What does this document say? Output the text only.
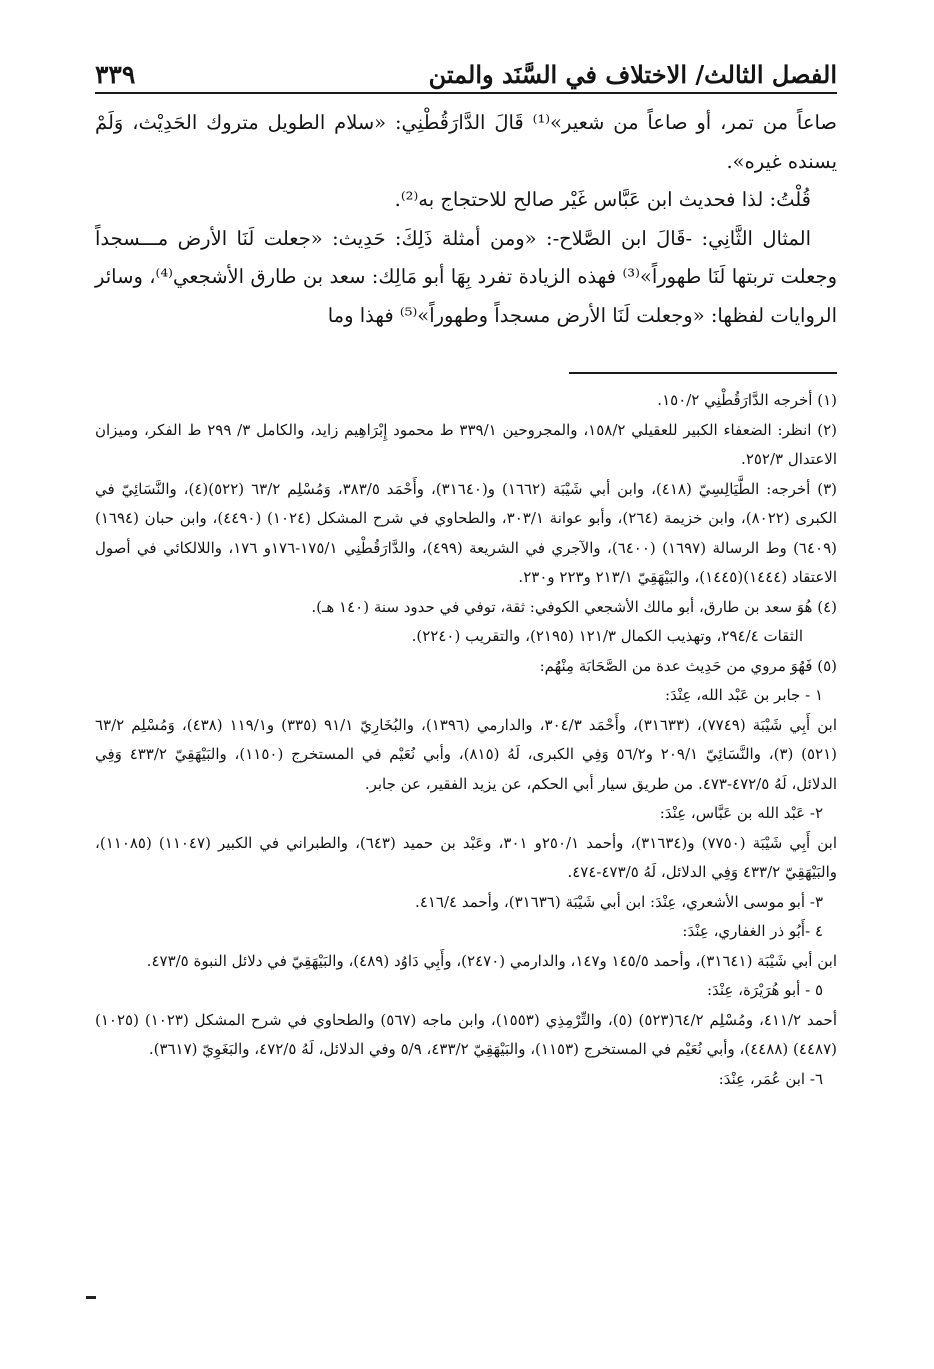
الفصل الثالث/ الاختلاف في السَّنَد والمتن
٣٣٩

صاعاً من تمر، أو صاعاً من شعير»⁽¹⁾ قَالَ الدَّارَقُطْنِي: «سلام الطويل متروك الحَدِيْث، وَلَمْ يسنده غيره».

قُلْتُ: لذا فحديث ابن عَبَّاس غَيْر صالح للاحتجاج به⁽²⁾.

المثال الثَّانِي: -قَالَ ابن الصَّلاح-: «ومن أمثلة ذَلِكَ: حَدِيث: «جعلت لَنَا الأرض مـــسجداً وجعلت تربتها لَنَا طهوراً»⁽³⁾ فهذه الزيادة تفرد بِهَا أبو مَالِك: سعد بن طارق الأشجعي⁽⁴⁾، وسائر الروايات لفظها: «وجعلت لَنَا الأرض مسجداً وطهوراً»⁽⁵⁾ فهذا وما

(١) أخرجه الدَّارَقُطْنِي ١٥٠/٢.

(٢) انظر: الضعفاء الكبير للعقيلي ١٥٨/٢، والمجروحين ٣٣٩/١ ط محمود إِبْرَاهِيم زايد، والكامل ٣/ ٢٩٩ ط الفكر، وميزان الاعتدال ٢٥٢/٣.

(٣) أخرجه: الطَّيَالِسِيّ (٤١٨)، وابن أبي شَيْبَة (١٦٦٢) و(٣١٦٤٠)، وأَحْمَد ٣٨٣/٥، وَمُسْلِم ٦٣/٢ (٥٢٢)(٤)، والنَّسَائِيّ في الكبرى (٨٠٢٢)، وابن خزيمة (٢٦٤)، وأبو عوانة ٣٠٣/١، والطحاوي في شرح المشكل (١٠٢٤) (٤٤٩٠)، وابن حبان (١٦٩٤) (٦٤٠٩) وط الرسالة (١٦٩٧) (٦٤٠٠)، والآجري في الشريعة (٤٩٩)، والدَّارَقُطْنِي ١٧٥/١-١٧٦و ١٧٦، واللالكائي في أصول الاعتقاد (١٤٤٤)(١٤٤٥)، والبَيْهَقِيّ ٢١٣/١ و٢٢٣ و٢٣٠.

(٤) هُوَ سعد بن طارق، أبو مالك الأشجعي الكوفي: ثقة، توفي في حدود سنة (١٤٠ هـ).

الثقات ٢٩٤/٤، وتهذيب الكمال ١٢١/٣ (٢١٩٥)، والتقريب (٢٢٤٠).

(٥) فَهُوَ مروي من حَدِيث عدة من الصَّحَابَة مِنْهُم:

١ - جابر بن عَبْد الله، عِنْدَ:

ابن أَبِي شَيْبَة (٧٧٤٩)، (٣١٦٣٣)، وأَحْمَد ٣٠٤/٣، والدارمي (١٣٩٦)، والبُخَارِيّ ٩١/١ (٣٣٥) و١١٩/١ (٤٣٨)، وَمُسْلِم ٦٣/٢ (٥٢١) (٣)، والنَّسَائِيّ ٢٠٩/١ و٥٦/٢ وَفِي الكبرى، لَهُ (٨١٥)، وأبي نُعَيْم في المستخرج (١١٥٠)، والبَيْهَقِيّ ٤٣٣/٢ وَفِي الدلائل، لَهُ ٤٧٢/٥-٤٧٣. من طريق سيار أبي الحكم، عن يزيد الفقير، عن جابر.

٢- عَبْد الله بن عَبَّاس، عِنْدَ:

ابن أَبِي شَيْبَة (٧٧٥٠) و(٣١٦٣٤)، وأحمد ٢٥٠/١و ٣٠١، وعَبْد بن حميد (٦٤٣)، والطبراني في الكبير (١١٠٤٧) (١١٠٨٥)، والبَيْهَقِيّ ٤٣٣/٢ وَفِي الدلائل، لَهُ ٤٧٣/٥-٤٧٤.

٣- أبو موسى الأشعري، عِنْدَ: ابن أبي شَيْبَة (٣١٦٣٦)، وأحمد ٤١٦/٤.

٤ -أَبُو ذر الغفاري، عِنْدَ:

ابن أبي شَيْبَة (٣١٦٤١)، وأحمد ١٤٥/٥ و١٤٧، والدارمي (٢٤٧٠)، وأَبِي دَاوُد (٤٨٩)، والبَيْهَقِيّ في دلائل النبوة ٤٧٣/٥.

٥ - أبو هُرَيْرَة، عِنْدَ:

أحمد ٤١١/٢، ومُسْلِم ٦٤/٢(٥٢٣) (٥)، والتِّرْمِذِي (١٥٥٣)، وابن ماجه (٥٦٧) والطحاوي في شرح المشكل (١٠٢٣) (١٠٢٥) (٤٤٨٧) (٤٤٨٨)، وأبي نُعَيْم في المستخرج (١١٥٣)، والبَيْهَقِيّ ٤٣٣/٢، ٥/٩ وفي الدلائل، لَهُ ٤٧٢/٥، والبَغَوِيّ (٣٦١٧).

٦- ابن عُمَر، عِنْدَ:
